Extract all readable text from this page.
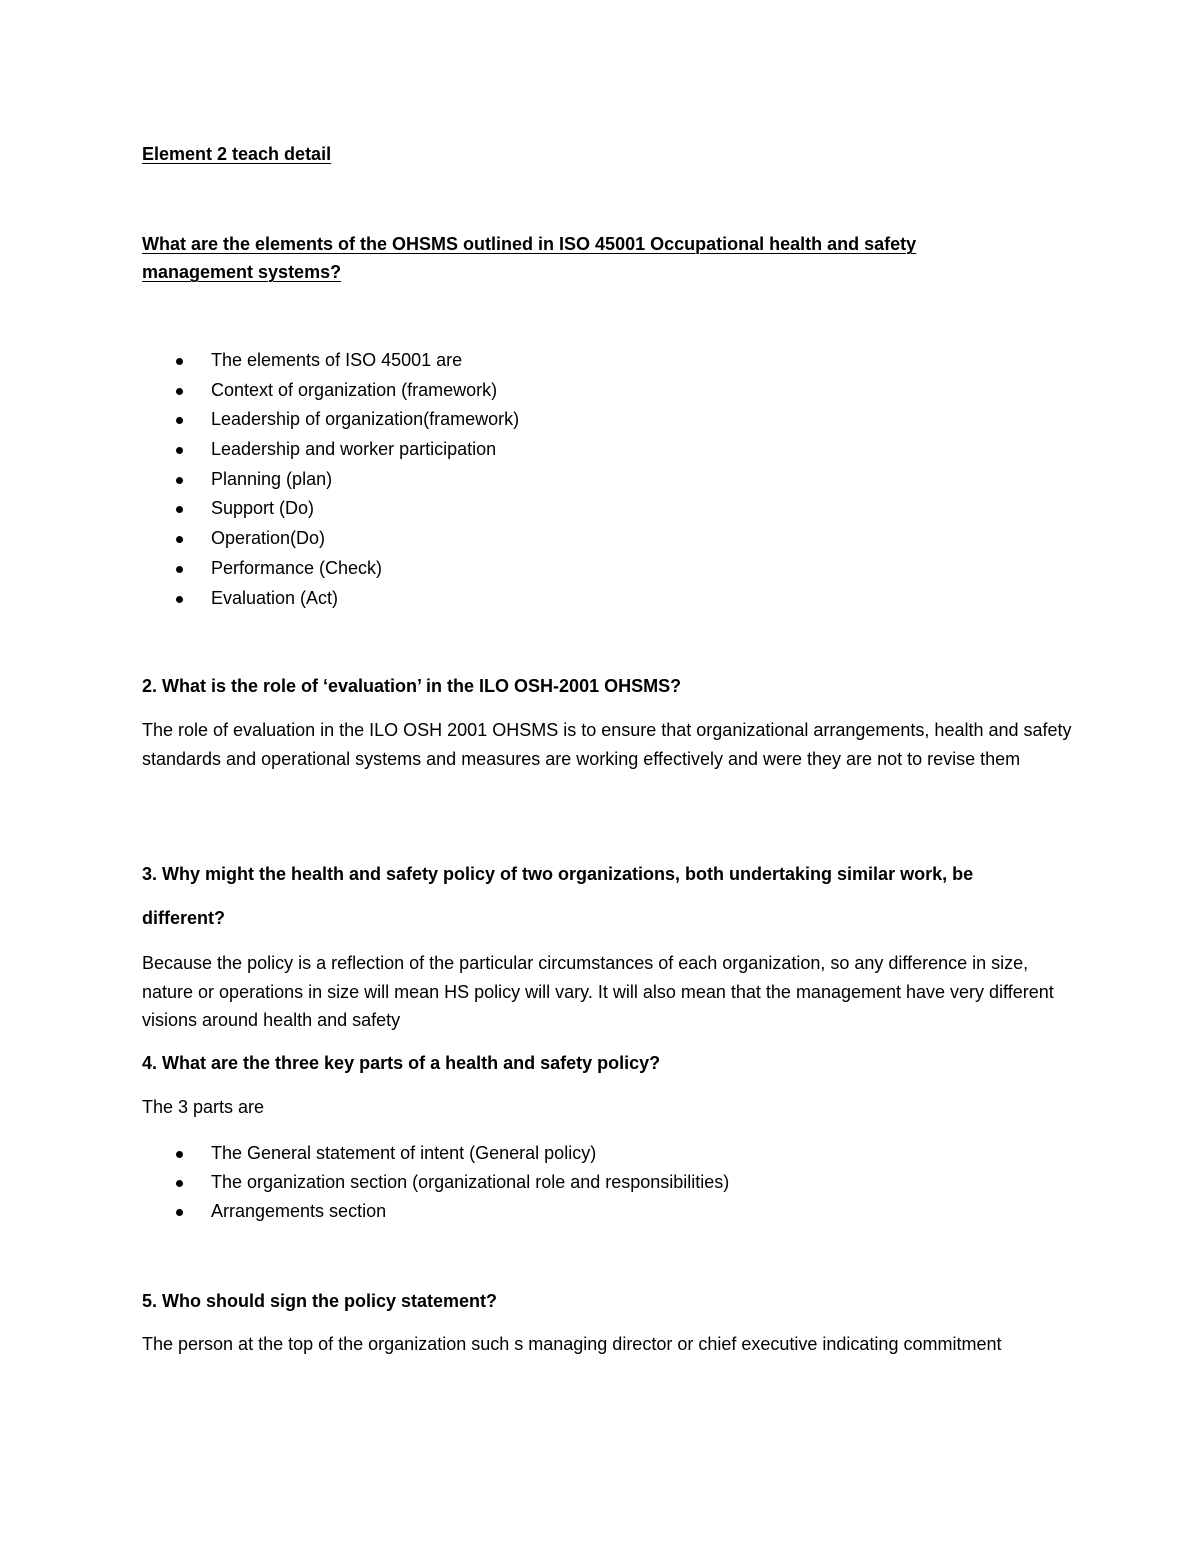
Element 2 teach detail

What are the elements of the OHSMS outlined in ISO 45001 Occupational health and safety

management systems?

The elements of ISO 45001 are
Context of organization (framework)
Leadership of organization(framework)
Leadership and worker participation
Planning (plan)
Support (Do)
Operation(Do)
Performance (Check)
Evaluation (Act)

2. What is the role of ‘evaluation’ in the ILO OSH-2001 OHSMS?

The role of evaluation in the ILO OSH 2001 OHSMS is to ensure that organizational arrangements, health and safety standards and operational systems and measures are working effectively and were they are not to revise them

3. Why might the health and safety policy of two organizations, both undertaking similar work, be

different?

Because the policy is a reflection of the particular circumstances of each organization, so any difference in size, nature or operations in size will mean HS policy will vary. It will also mean that the management have very different visions around health and safety

4. What are the three key parts of a health and safety policy?

The 3 parts are

The General statement of intent (General policy)
The organization section (organizational role and responsibilities)
Arrangements section

5. Who should sign the policy statement?

The person at the top of the organization such s managing director or chief executive indicating commitment
